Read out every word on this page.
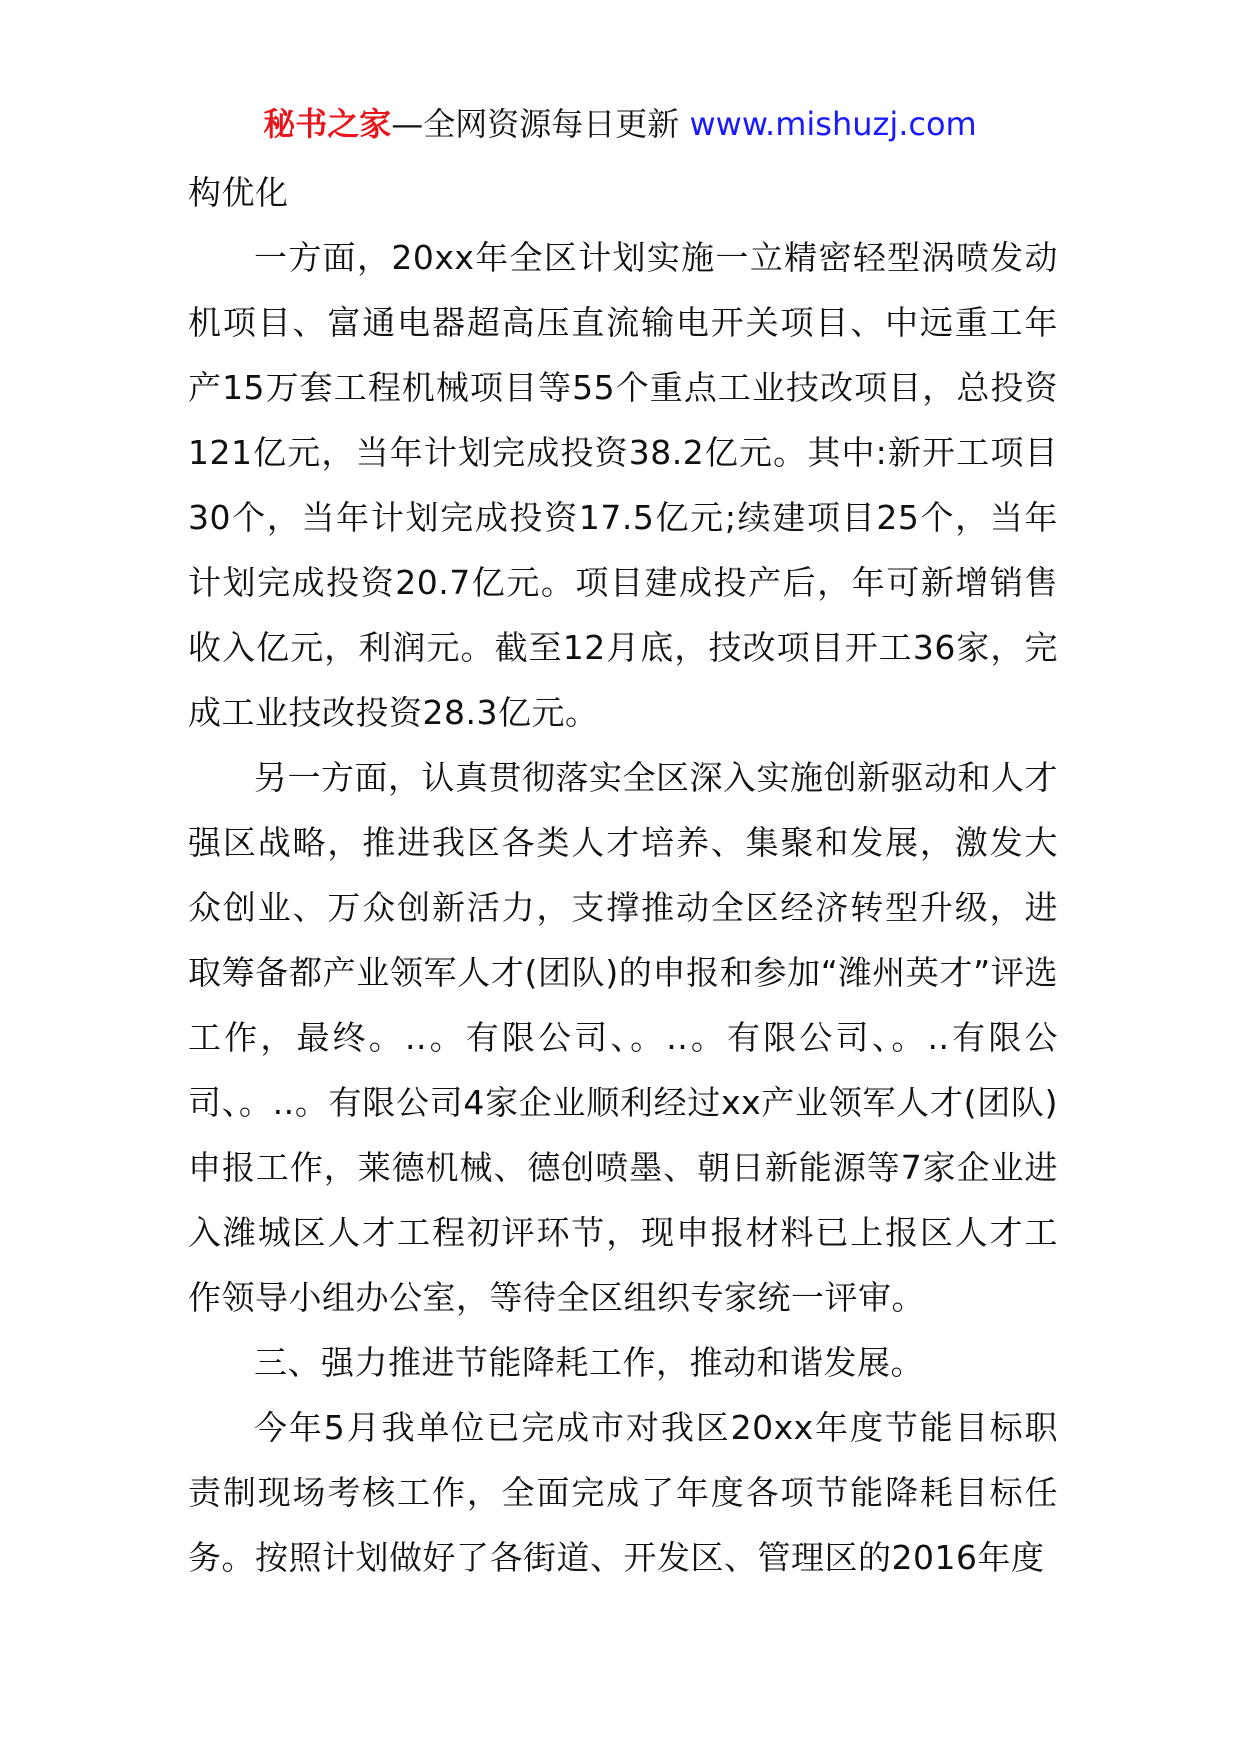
秘书之家—全网资源每日更新 www.mishuzj.com

构优化

一方面，20xx年全区计划实施一立精密轻型涡喷发动机项目、富通电器超高压直流输电开关项目、中远重工年产15万套工程机械项目等55个重点工业技改项目，总投资121亿元，当年计划完成投资38.2亿元。其中:新开工项目30个，当年计划完成投资17.5亿元;续建项目25个，当年计划完成投资20.7亿元。项目建成投产后，年可新增销售收入亿元，利润元。截至12月底，技改项目开工36家，完成工业技改投资28.3亿元。

另一方面，认真贯彻落实全区深入实施创新驱动和人才强区战略，推进我区各类人才培养、集聚和发展，激发大众创业、万众创新活力，支撑推动全区经济转型升级，进取筹备都产业领军人才(团队)的申报和参加“潍州英才”评选工作，最终。..。有限公司、。..。有限公司、。..有限公司、。..。有限公司4家企业顺利经过xx产业领军人才(团队)申报工作，莱德机械、德创喷墨、朝日新能源等7家企业进入潍城区人才工程初评环节，现申报材料已上报区人才工作领导小组办公室，等待全区组织专家统一评审。

三、强力推进节能降耗工作，推动和谐发展。

今年5月我单位已完成市对我区20xx年度节能目标职责制现场考核工作，全面完成了年度各项节能降耗目标任务。按照计划做好了各街道、开发区、管理区的2016年度
